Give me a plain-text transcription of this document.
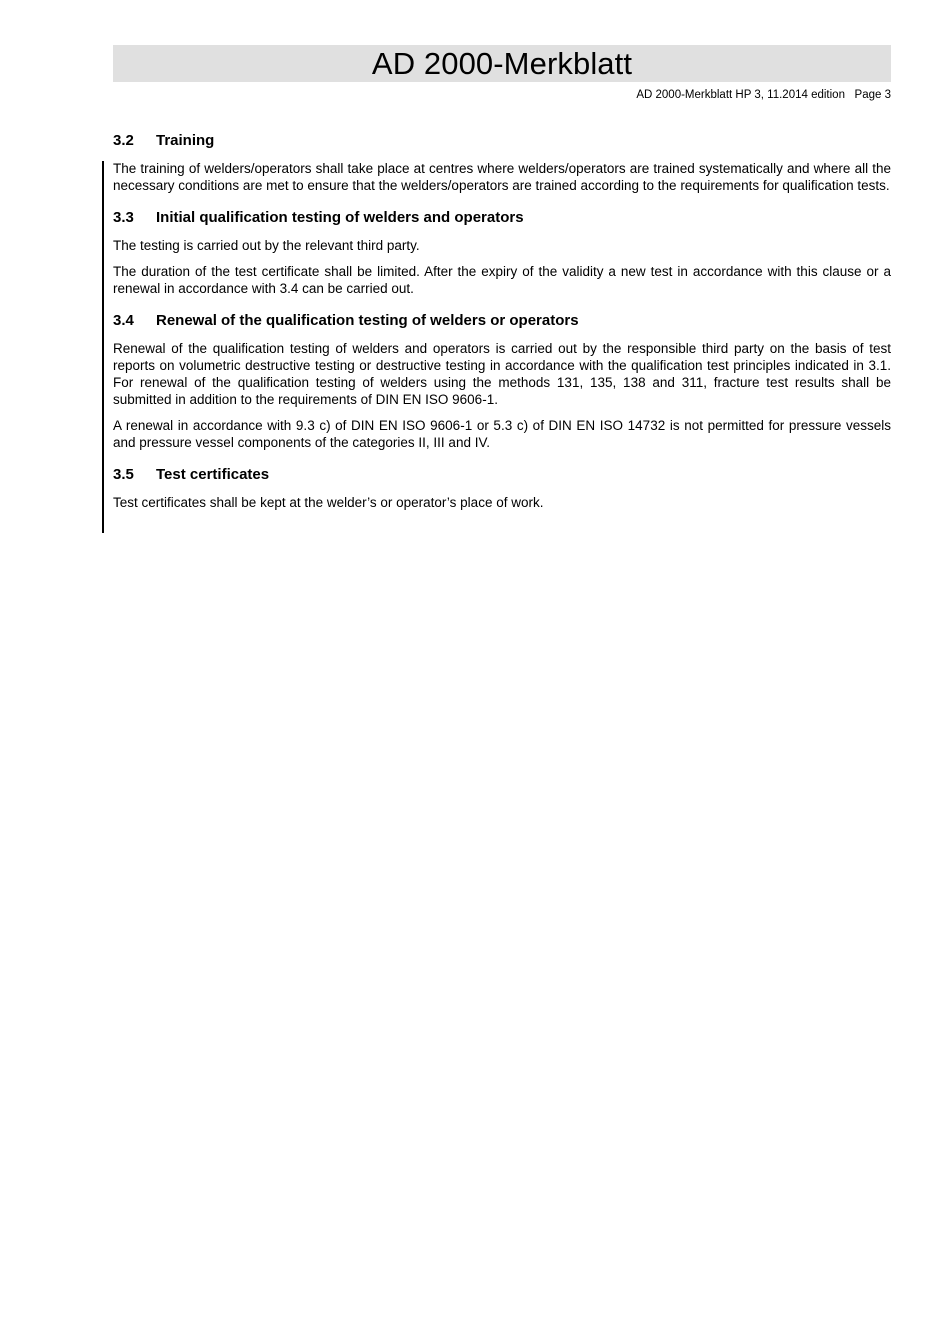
AD 2000-Merkblatt
AD 2000-Merkblatt HP 3, 11.2014 edition   Page 3
3.2	Training

The training of welders/operators shall take place at centres where welders/operators are trained systematically and where all the necessary conditions are met to ensure that the welders/operators are trained according to the requirements for qualification tests.

3.3	Initial qualification testing of welders and operators

The testing is carried out by the relevant third party.

The duration of the test certificate shall be limited. After the expiry of the validity a new test in accordance with this clause or a renewal in accordance with 3.4 can be carried out.

3.4	Renewal of the qualification testing of welders or operators

Renewal of the qualification testing of welders and operators is carried out by the responsible third party on the basis of test reports on volumetric destructive testing or destructive testing in accordance with the qualification test principles indicated in 3.1. For renewal of the qualification testing of welders using the methods 131, 135, 138 and 311, fracture test results shall be submitted in addition to the requirements of DIN EN ISO 9606-1.

A renewal in accordance with 9.3 c) of DIN EN ISO 9606-1 or 5.3 c) of DIN EN ISO 14732 is not permitted for pressure vessels and pressure vessel components of the categories II, III and IV.

3.5	Test certificates

Test certificates shall be kept at the welder’s or operator’s place of work.
